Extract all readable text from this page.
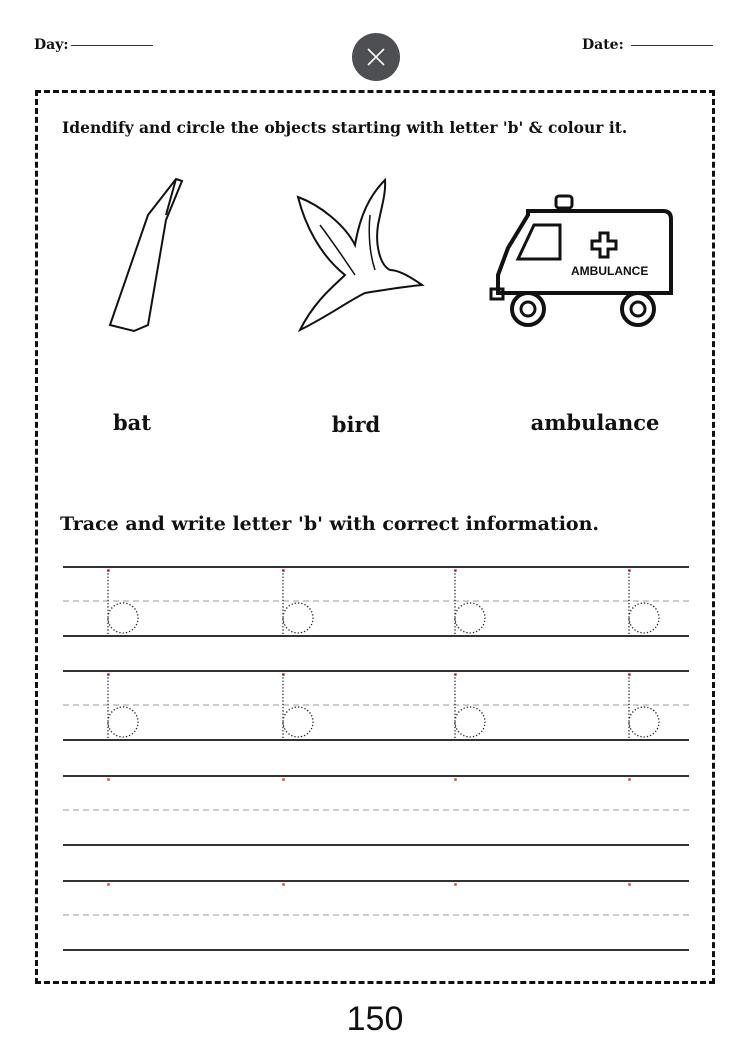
Day:	Date:
Idendify and circle the objects starting with letter 'b' & colour it.
AMBULANCE
bat	bird	ambulance
Trace and write letter 'b' with correct information.
150
